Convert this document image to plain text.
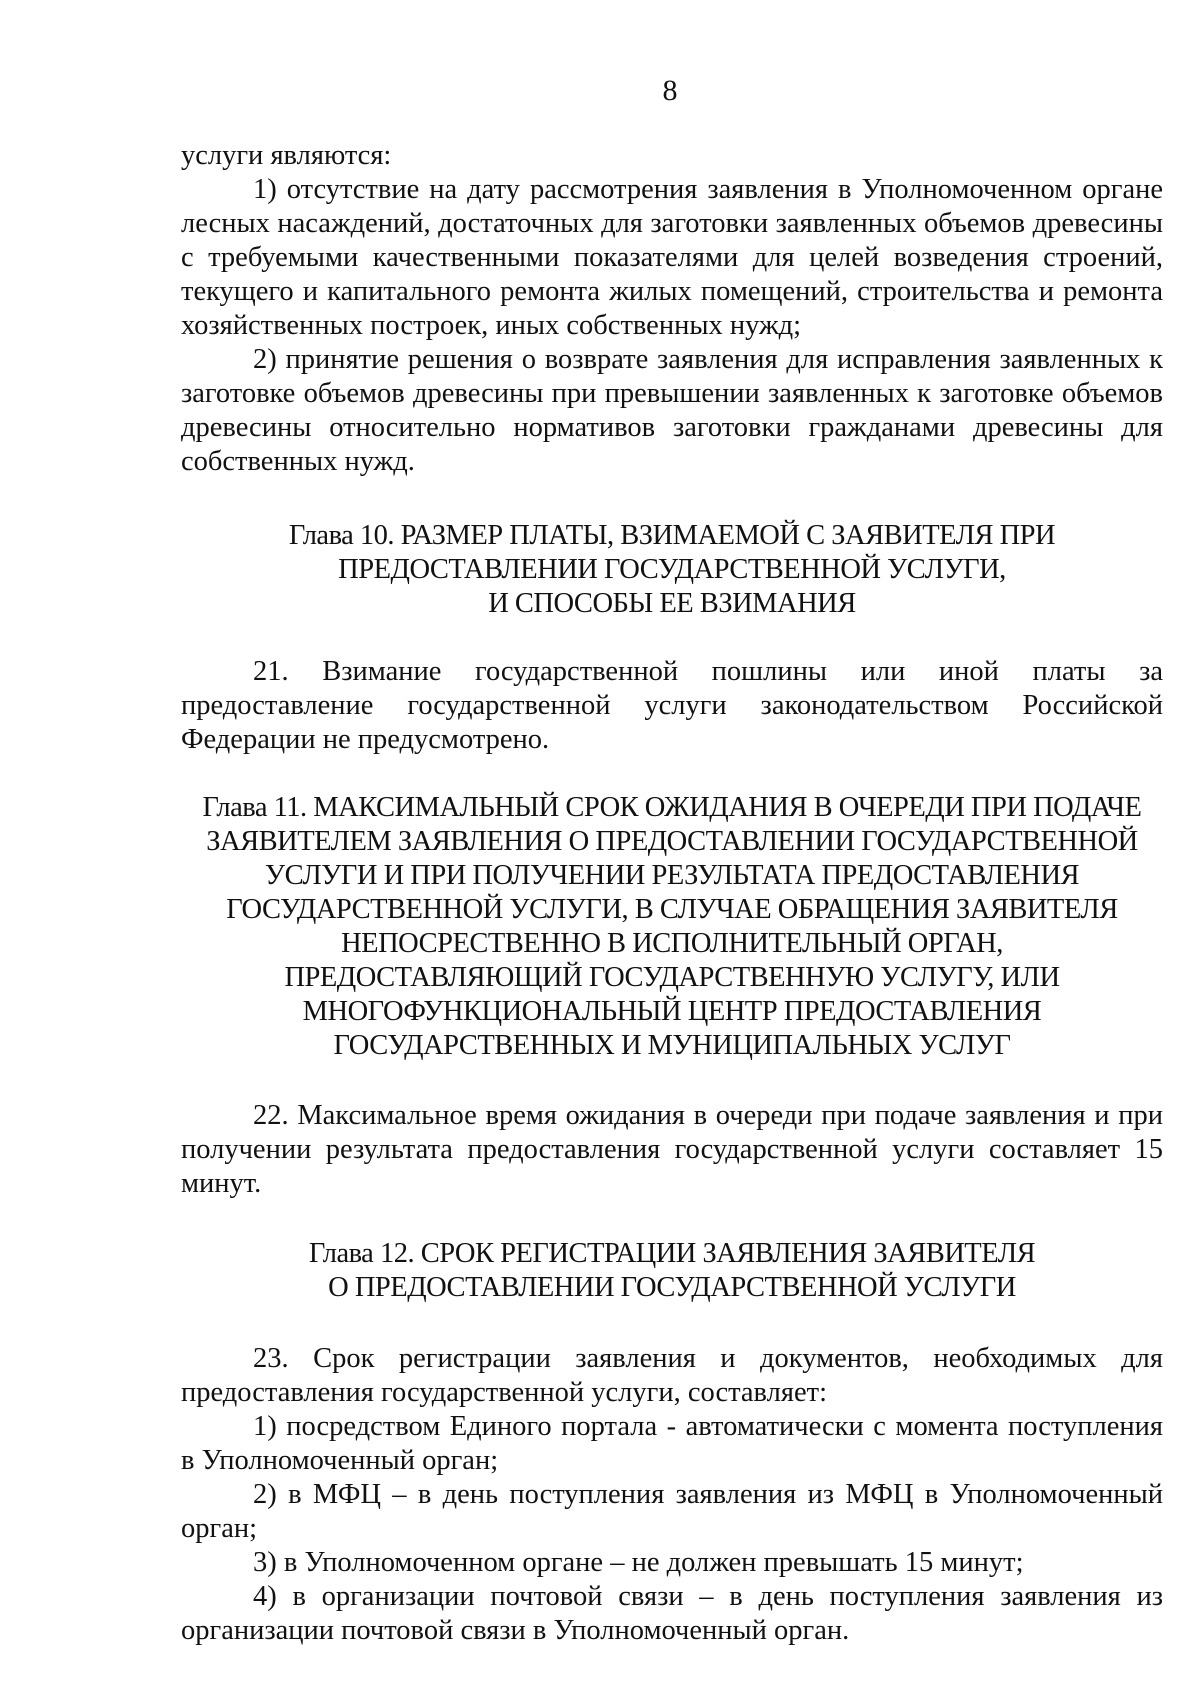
8

услуги являются:

1) отсутствие на дату рассмотрения заявления в Уполномоченном органе лесных насаждений, достаточных для заготовки заявленных объемов древесины с требуемыми качественными показателями для целей возведения строений, текущего и капитального ремонта жилых помещений, строительства и ремонта хозяйственных построек, иных собственных нужд;

2) принятие решения о возврате заявления для исправления заявленных к заготовке объемов древесины при превышении заявленных к заготовке объемов древесины относительно нормативов заготовки гражданами древесины для собственных нужд.

Глава 10. РАЗМЕР ПЛАТЫ, ВЗИМАЕМОЙ С ЗАЯВИТЕЛЯ ПРИ
ПРЕДОСТАВЛЕНИИ ГОСУДАРСТВЕННОЙ УСЛУГИ,
И СПОСОБЫ ЕЕ ВЗИМАНИЯ

21. Взимание государственной пошлины или иной платы за предоставление государственной услуги законодательством Российской Федерации не предусмотрено.

Глава 11. МАКСИМАЛЬНЫЙ СРОК ОЖИДАНИЯ В ОЧЕРЕДИ ПРИ ПОДАЧЕ
ЗАЯВИТЕЛЕМ ЗАЯВЛЕНИЯ О ПРЕДОСТАВЛЕНИИ ГОСУДАРСТВЕННОЙ
УСЛУГИ И ПРИ ПОЛУЧЕНИИ РЕЗУЛЬТАТА ПРЕДОСТАВЛЕНИЯ
ГОСУДАРСТВЕННОЙ УСЛУГИ, В СЛУЧАЕ ОБРАЩЕНИЯ ЗАЯВИТЕЛЯ
НЕПОСРЕСТВЕННО В ИСПОЛНИТЕЛЬНЫЙ ОРГАН,
ПРЕДОСТАВЛЯЮЩИЙ ГОСУДАРСТВЕННУЮ УСЛУГУ, ИЛИ
МНОГОФУНКЦИОНАЛЬНЫЙ ЦЕНТР ПРЕДОСТАВЛЕНИЯ
ГОСУДАРСТВЕННЫХ И МУНИЦИПАЛЬНЫХ УСЛУГ

22. Максимальное время ожидания в очереди при подаче заявления и при получении результата предоставления государственной услуги составляет 15 минут.

Глава 12. СРОК РЕГИСТРАЦИИ ЗАЯВЛЕНИЯ ЗАЯВИТЕЛЯ
О ПРЕДОСТАВЛЕНИИ ГОСУДАРСТВЕННОЙ УСЛУГИ

23. Срок регистрации заявления и документов, необходимых для предоставления государственной услуги, составляет:

1) посредством Единого портала - автоматически с момента поступления в Уполномоченный орган;

2) в МФЦ – в день поступления заявления из МФЦ в Уполномоченный орган;

3) в Уполномоченном органе – не должен превышать 15 минут;

4) в организации почтовой связи – в день поступления заявления из организации почтовой связи в Уполномоченный орган.
